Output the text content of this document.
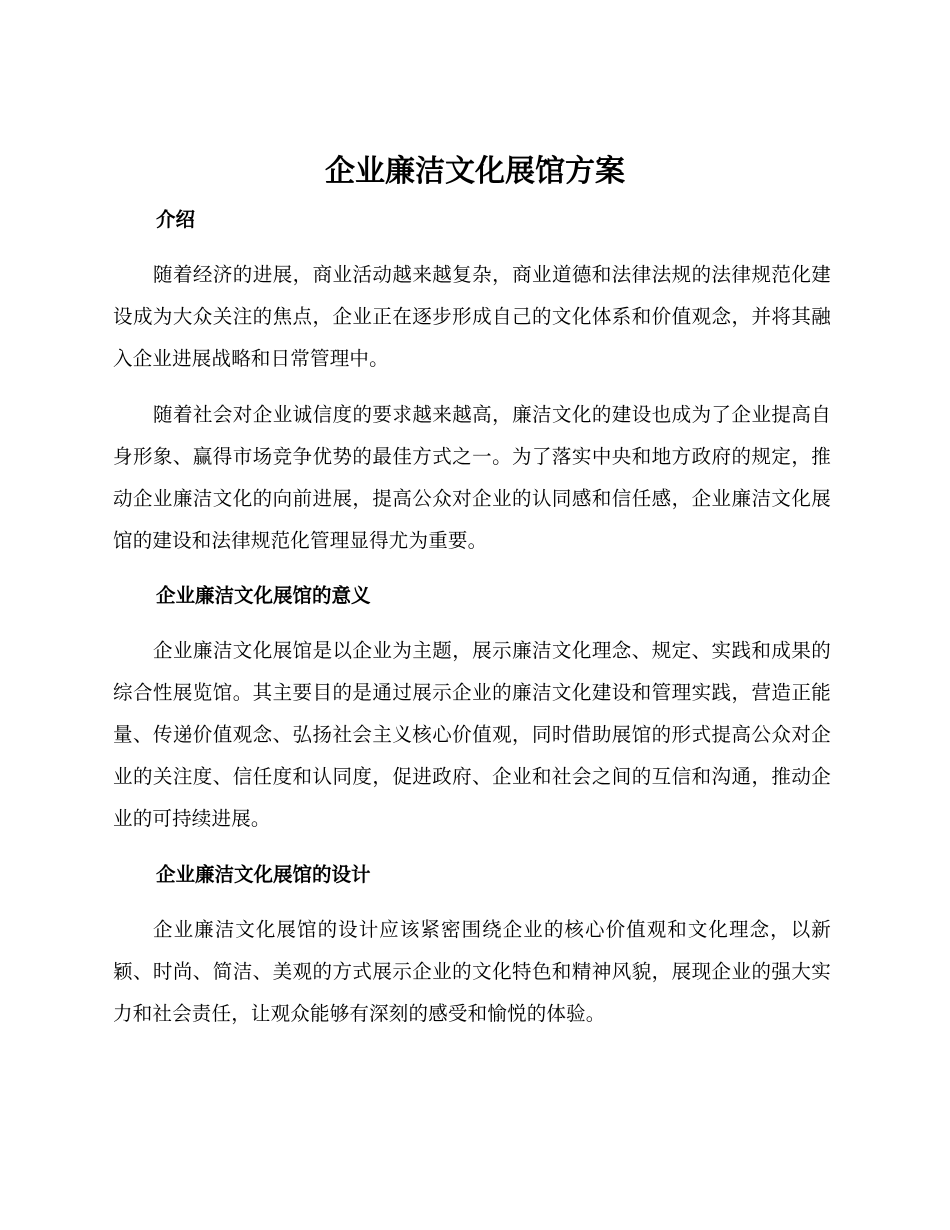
企业廉洁文化展馆方案
介绍

随着经济的进展，商业活动越来越复杂，商业道德和法律法规的法律规范化建设成为大众关注的焦点，企业正在逐步形成自己的文化体系和价值观念，并将其融入企业进展战略和日常管理中。

随着社会对企业诚信度的要求越来越高，廉洁文化的建设也成为了企业提高自身形象、赢得市场竞争优势的最佳方式之一。为了落实中央和地方政府的规定，推动企业廉洁文化的向前进展，提高公众对企业的认同感和信任感，企业廉洁文化展馆的建设和法律规范化管理显得尤为重要。

企业廉洁文化展馆的意义

企业廉洁文化展馆是以企业为主题，展示廉洁文化理念、规定、实践和成果的综合性展览馆。其主要目的是通过展示企业的廉洁文化建设和管理实践，营造正能量、传递价值观念、弘扬社会主义核心价值观，同时借助展馆的形式提高公众对企业的关注度、信任度和认同度，促进政府、企业和社会之间的互信和沟通，推动企业的可持续进展。

企业廉洁文化展馆的设计

企业廉洁文化展馆的设计应该紧密围绕企业的核心价值观和文化理念，以新颖、时尚、简洁、美观的方式展示企业的文化特色和精神风貌，展现企业的强大实力和社会责任，让观众能够有深刻的感受和愉悦的体验。
